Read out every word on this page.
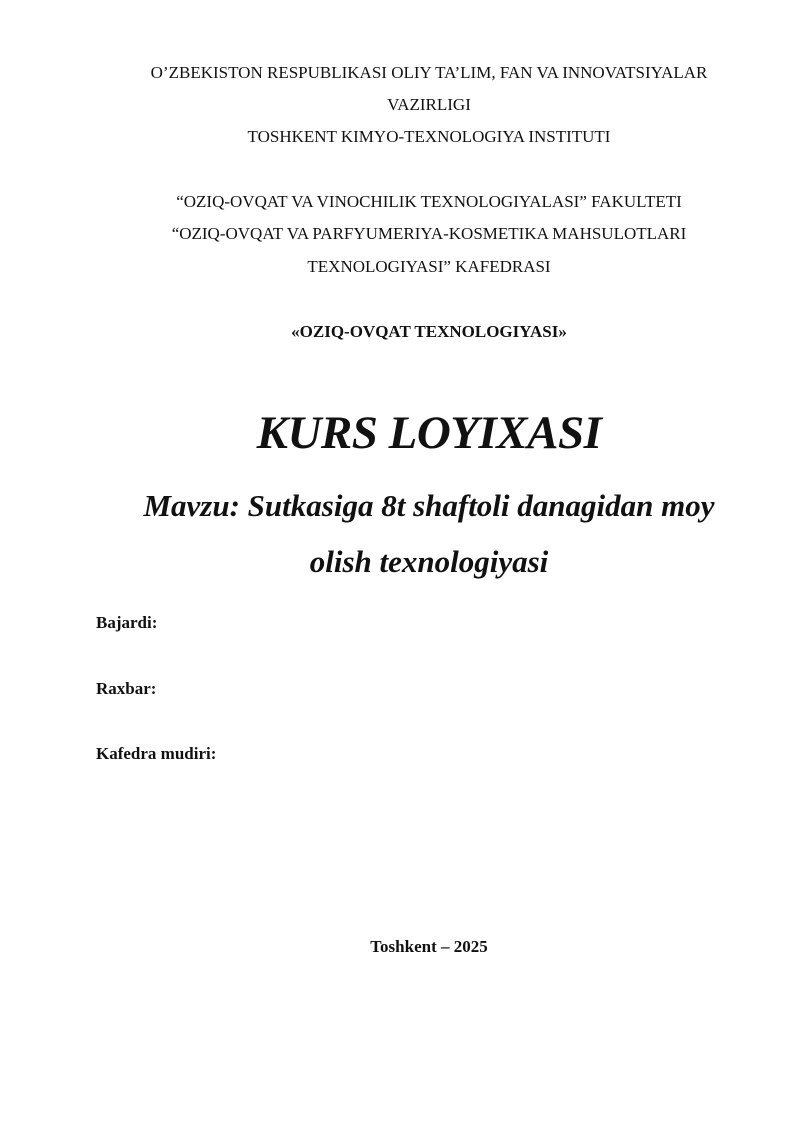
O’ZBEKISTON RESPUBLIKASI OLIY TA’LIM, FAN VA INNOVATSIYALAR
VAZIRLIGI
TOSHKENT KIMYO-TEXNOLOGIYA INSTITUTI
“OZIQ-OVQAT VA VINOCHILIK TEXNOLOGIYALASI” FAKULTETI
“OZIQ-OVQAT VA PARFYUMERIYA-KOSMETIKA MAHSULOTLARI
TEXNOLOGIYASI” KAFEDRASI
«OZIQ-OVQAT TEXNOLOGIYASI»
KURS LOYIXASI
Mavzu: Sutkasiga 8t shaftoli danagidan moy
olish texnologiyasi
Bajardi:
Raxbar:
Kafedra mudiri:
Toshkent – 2025
